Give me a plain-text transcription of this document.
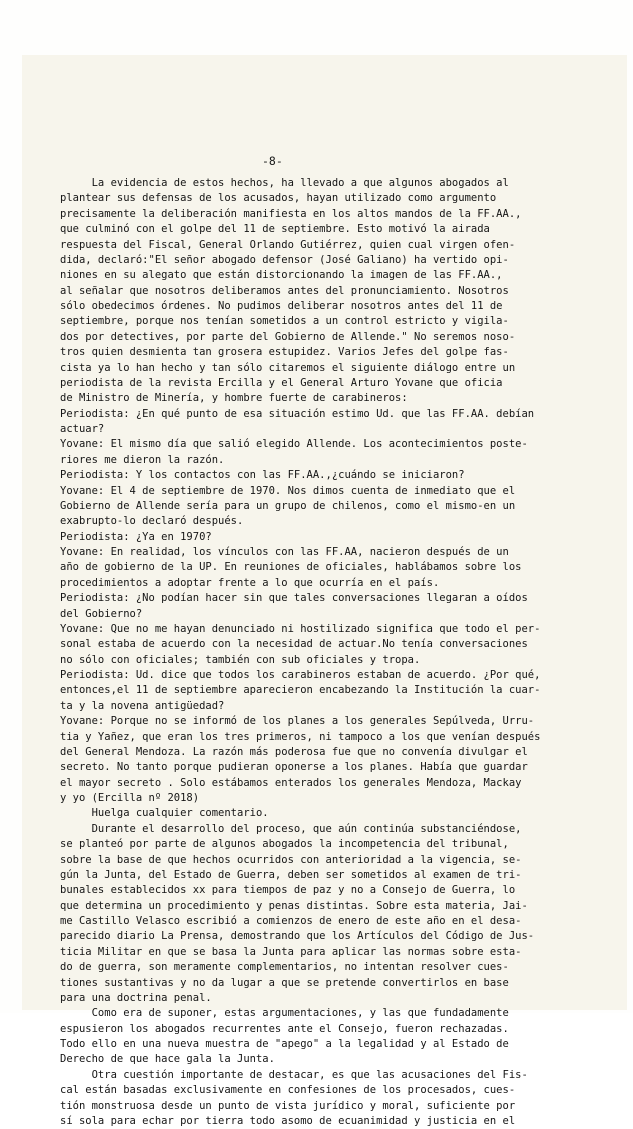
-8-
La evidencia de estos hechos, ha llevado a que algunos abogados al
plantear sus defensas de los acusados, hayan utilizado como argumento
precisamente la deliberación manifiesta en los altos mandos de la FF.AA.,
que culminó con el golpe del 11 de septiembre. Esto motivó la airada
respuesta del Fiscal, General Orlando Gutiérrez, quien cual virgen ofen-
dida, declaró:"El señor abogado defensor (José Galiano) ha vertido opi-
niones en su alegato que están distorcionando la imagen de las FF.AA.,
al señalar que nosotros deliberamos antes del pronunciamiento. Nosotros
sólo obedecimos órdenes. No pudimos deliberar nosotros antes del 11 de
septiembre, porque nos tenían sometidos a un control estricto y vigila-
dos por detectives, por parte del Gobierno de Allende." No seremos noso-
tros quien desmienta tan grosera estupidez. Varios Jefes del golpe fas-
cista ya lo han hecho y tan sólo citaremos el siguiente diálogo entre un
periodista de la revista Ercilla y el General Arturo Yovane que oficia
de Ministro de Minería, y hombre fuerte de carabineros:
Periodista: ¿En qué punto de esa situación estimo Ud. que las FF.AA. debían
actuar?
Yovane: El mismo día que salió elegido Allende. Los acontecimientos poste-
riores me dieron la razón.
Periodista: Y los contactos con las FF.AA.,¿cuándo se iniciaron?
Yovane: El 4 de septiembre de 1970. Nos dimos cuenta de inmediato que el
Gobierno de Allende sería para un grupo de chilenos, como el mismo-en un
exabrupto-lo declaró después.
Periodista: ¿Ya en 1970?
Yovane: En realidad, los vínculos con las FF.AA, nacieron después de un
año de gobierno de la UP. En reuniones de oficiales, hablábamos sobre los
procedimientos a adoptar frente a lo que ocurría en el país.
Periodista: ¿No podían hacer sin que tales conversaciones llegaran a oídos
del Gobierno?
Yovane: Que no me hayan denunciado ni hostilizado significa que todo el per-
sonal estaba de acuerdo con la necesidad de actuar.No tenía conversaciones
no sólo con oficiales; también con sub oficiales y tropa.
Periodista: Ud. dice que todos los carabineros estaban de acuerdo. ¿Por qué,
entonces,el 11 de septiembre aparecieron encabezando la Institución la cuar-
ta y la novena antigüedad?
Yovane: Porque no se informó de los planes a los generales Sepúlveda, Urru-
tia y Yañez, que eran los tres primeros, ni tampoco a los que venían después
del General Mendoza. La razón más poderosa fue que no convenía divulgar el
secreto. No tanto porque pudieran oponerse a los planes. Había que guardar
el mayor secreto . Solo estábamos enterados los generales Mendoza, Mackay
y yo (Ercilla nº 2018)
Huelga cualquier comentario.
Durante el desarrollo del proceso, que aún continúa substanciéndose,
se planteó por parte de algunos abogados la incompetencia del tribunal,
sobre la base de que hechos ocurridos con anterioridad a la vigencia, se-
gún la Junta, del Estado de Guerra, deben ser sometidos al examen de tri-
bunales establecidos xx para tiempos de paz y no a Consejo de Guerra, lo
que determina un procedimiento y penas distintas. Sobre esta materia, Jai-
me Castillo Velasco escribió a comienzos de enero de este año en el desa-
parecido diario La Prensa, demostrando que los Artículos del Código de Jus-
ticia Militar en que se basa la Junta para aplicar las normas sobre esta-
do de guerra, son meramente complementarios, no intentan resolver cues-
tiones sustantivas y no da lugar a que se pretende convertirlos en base
para una doctrina penal.
Como era de suponer, estas argumentaciones, y las que fundadamente
espusieron los abogados recurrentes ante el Consejo, fueron rechazadas.
Todo ello en una nueva muestra de "apego" a la legalidad y al Estado de
Derecho de que hace gala la Junta.
Otra cuestión importante de destacar, es que las acusaciones del Fis-
cal están basadas exclusivamente en confesiones de los procesados, cues-
tión monstruosa desde un punto de vista jurídico y moral, suficiente por
sí sola para echar por tierra todo asomo de ecuanimidad y justicia en el
